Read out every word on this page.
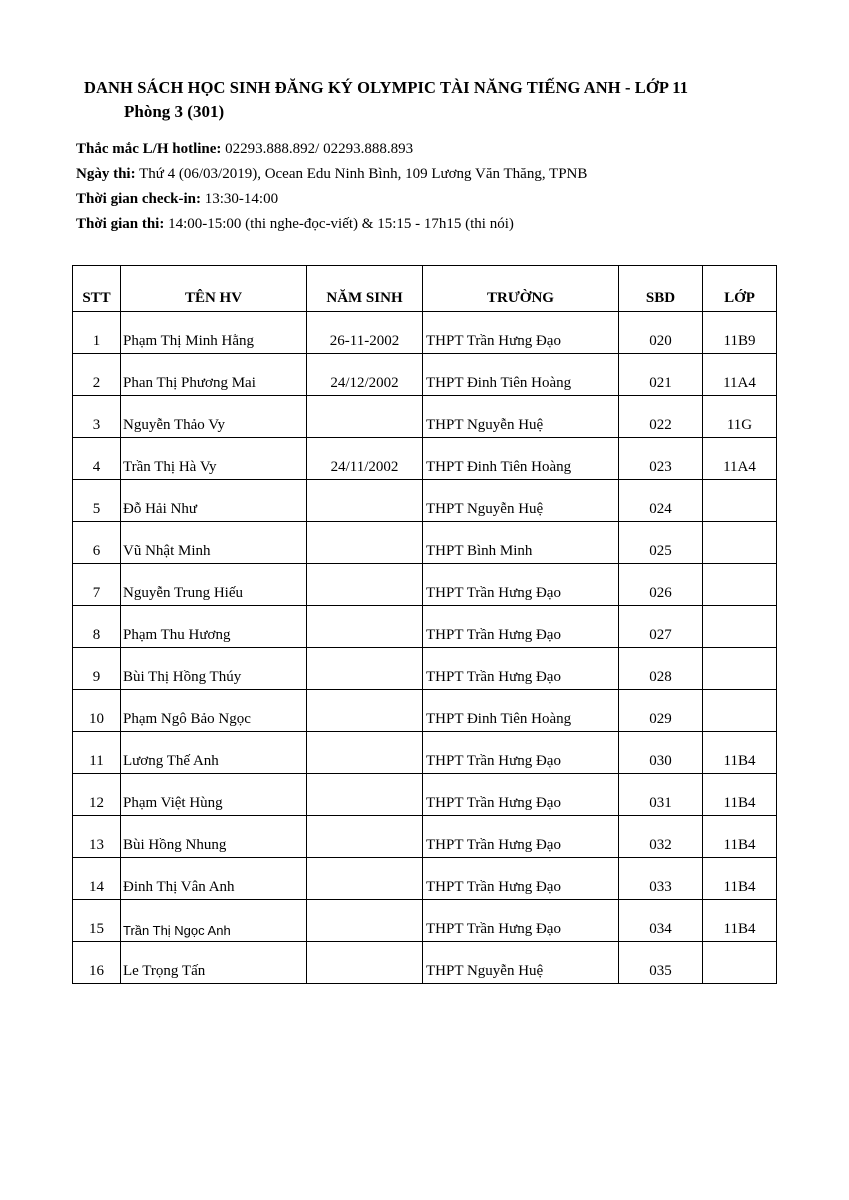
DANH SÁCH HỌC SINH ĐĂNG KÝ OLYMPIC TÀI NĂNG TIẾNG ANH - LỚP 11
Phòng 3 (301)
Thắc mắc L/H hotline: 02293.888.892/ 02293.888.893
Ngày thi: Thứ 4 (06/03/2019), Ocean Edu Ninh Bình, 109 Lương Văn Thăng, TPNB
Thời gian check-in: 13:30-14:00
Thời gian thi: 14:00-15:00 (thi nghe-đọc-viết) & 15:15 - 17h15 (thi nói)
STT	TÊN HV	NĂM SINH	TRƯỜNG	SBD	LỚP
1	Phạm Thị Minh Hằng	26-11-2002	THPT Trần Hưng Đạo	020	11B9
2	Phan Thị Phương Mai	24/12/2002	THPT Đinh Tiên Hoàng	021	11A4
3	Nguyễn Thảo Vy		THPT Nguyễn Huệ	022	11G
4	Trần Thị Hà Vy	24/11/2002	THPT Đinh Tiên Hoàng	023	11A4
5	Đỗ Hải Như		THPT Nguyễn Huệ	024	
6	Vũ Nhật Minh		THPT Bình Minh	025	
7	Nguyễn Trung Hiếu		THPT Trần Hưng Đạo	026	
8	Phạm Thu Hương		THPT Trần Hưng Đạo	027	
9	Bùi Thị Hồng Thúy		THPT Trần Hưng Đạo	028	
10	Phạm Ngô Bảo Ngọc		THPT Đinh Tiên Hoàng	029	
11	Lương Thế Anh		THPT Trần Hưng Đạo	030	11B4
12	Phạm Việt Hùng		THPT Trần Hưng Đạo	031	11B4
13	Bùi Hồng Nhung		THPT Trần Hưng Đạo	032	11B4
14	Đinh Thị Vân Anh		THPT Trần Hưng Đạo	033	11B4
15	Trần Thị Ngọc Anh		THPT Trần Hưng Đạo	034	11B4
16	Le Trọng Tấn		THPT Nguyễn Huệ	035	
